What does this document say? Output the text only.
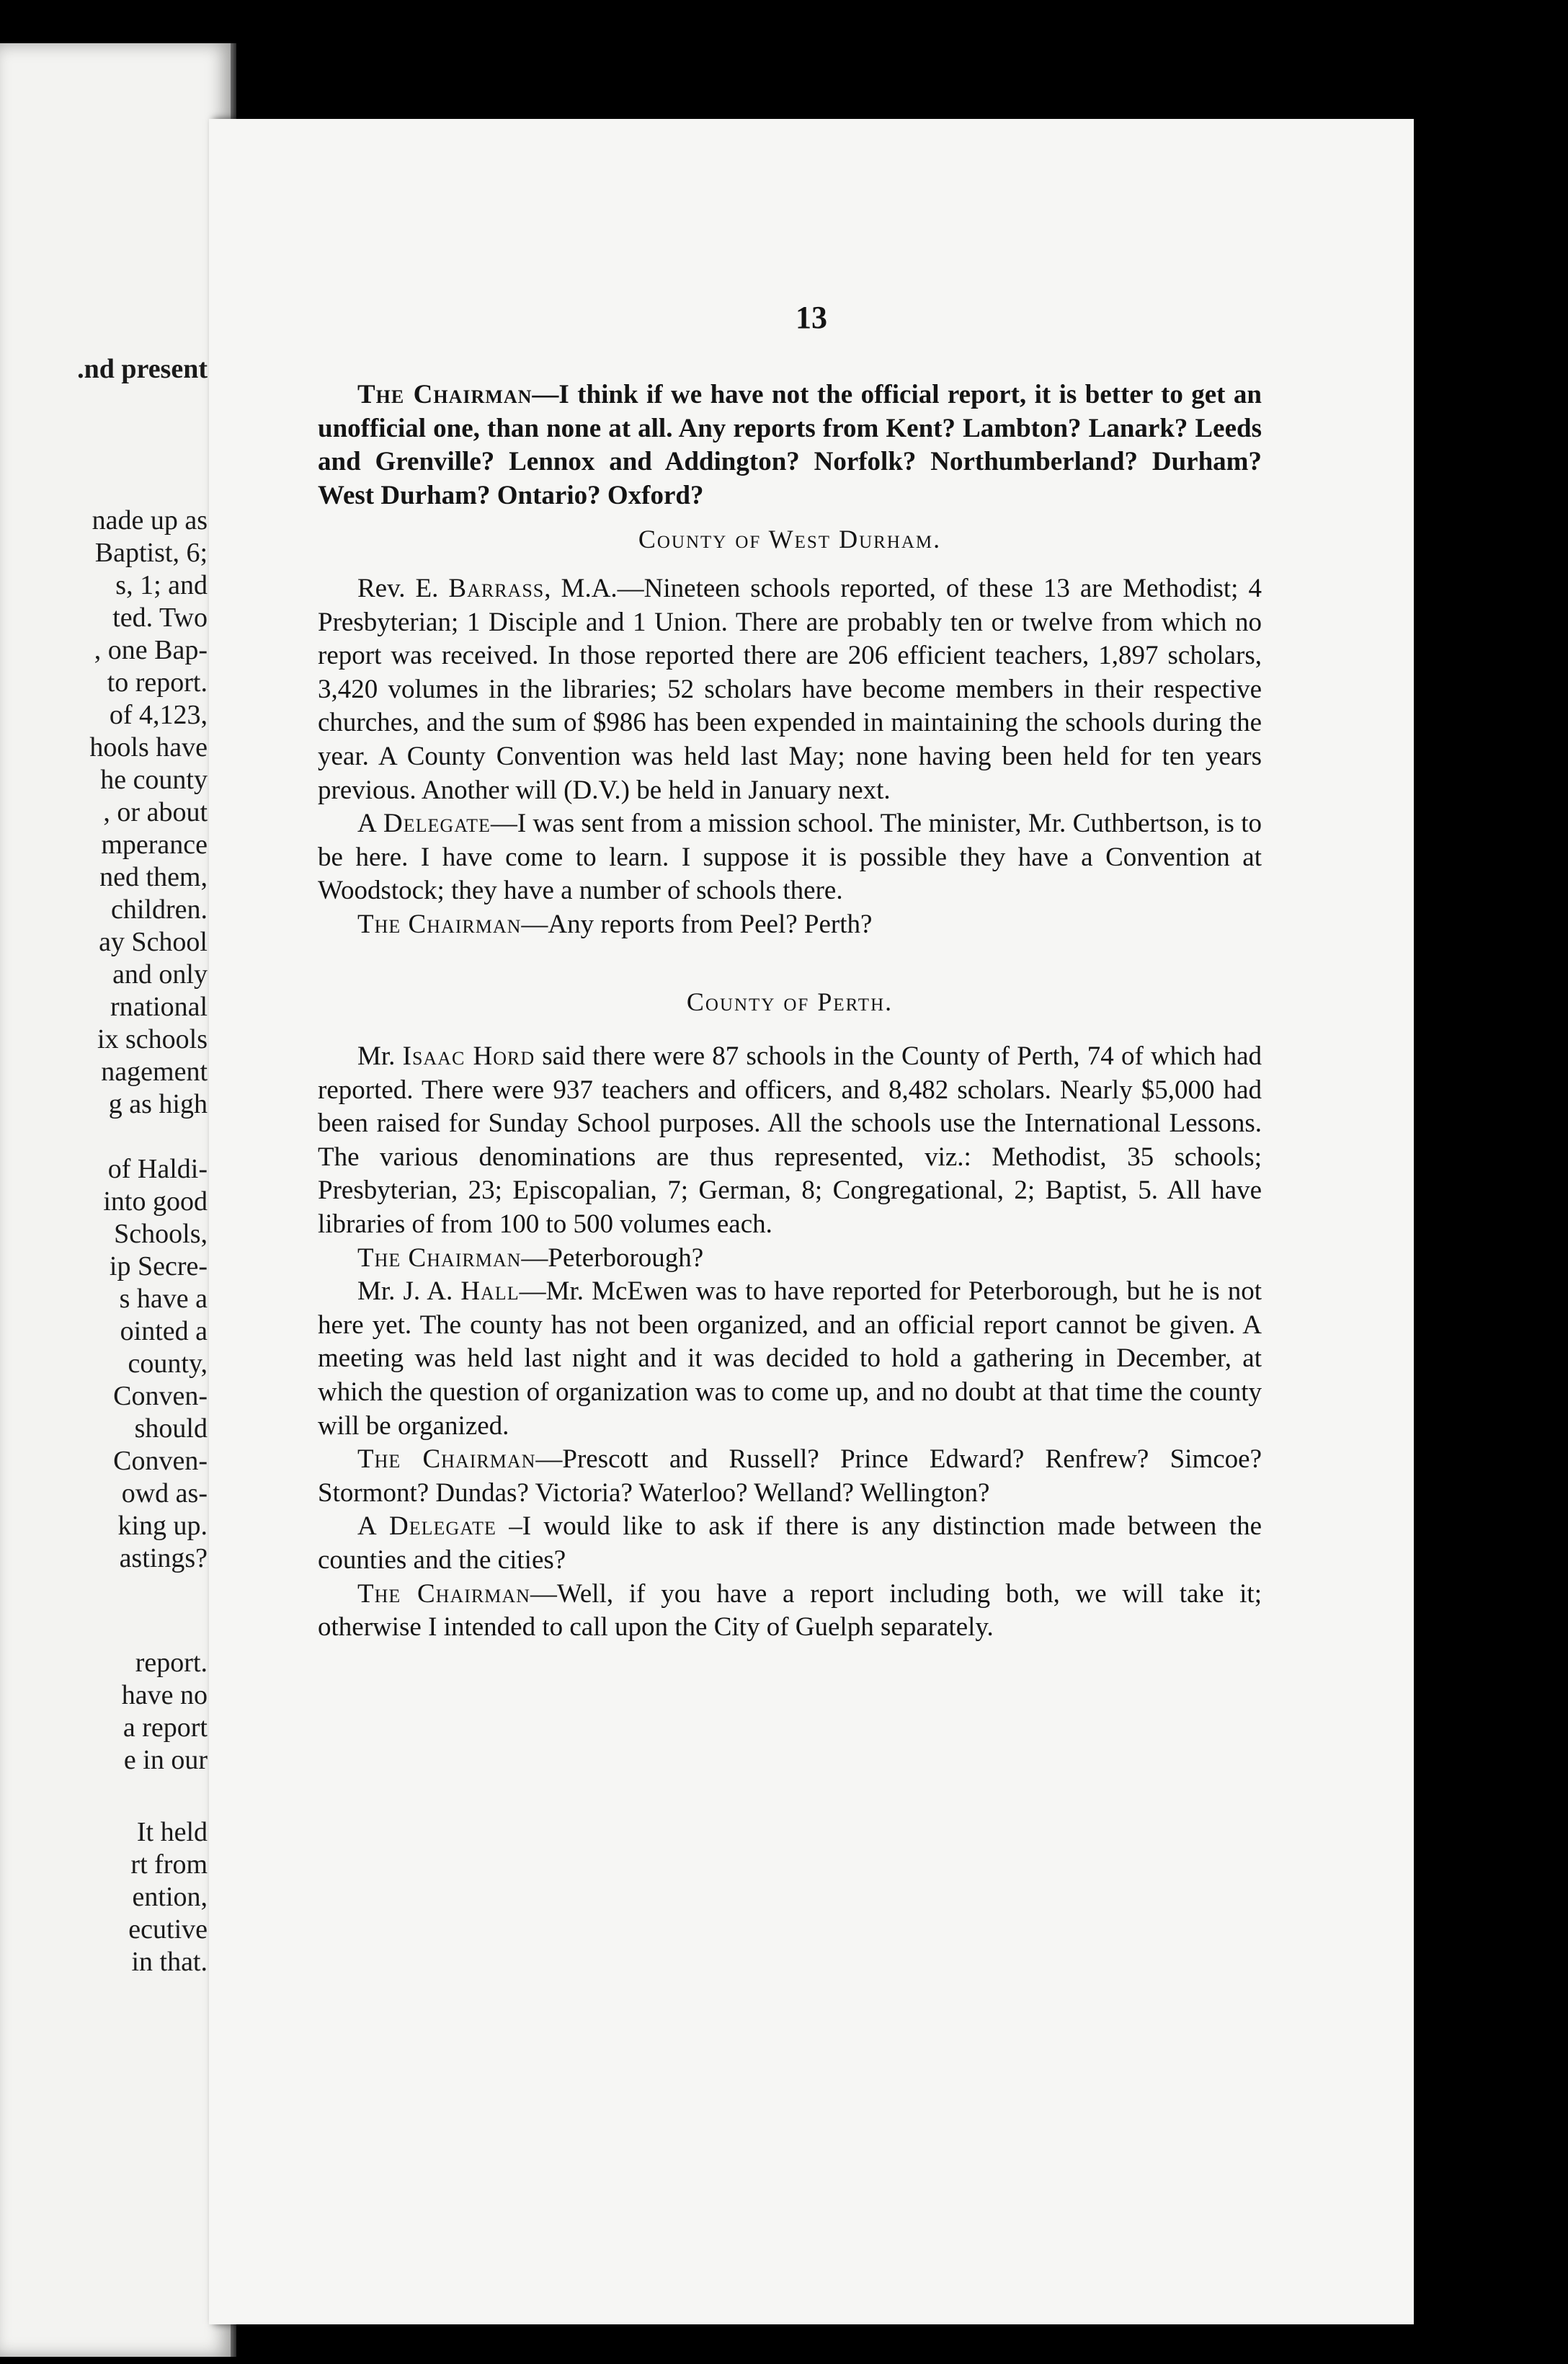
.nd present
nade up as
Baptist, 6;
s, 1; and
ted. Two
, one Bap-
to report.
of 4,123,
hools have
he county
, or about
mperance
ned them,
children.
ay School
and only
rnational
ix schools
nagement
g as high
of Haldi-
into good
Schools,
ip Secre-
s have a
ointed a
county,
Conven-
should
Conven-
owd as-
king up.
astings?
report.
have no
a report
e in our
It held
rt from
ention,
ecutive
in that.
13

The Chairman—I think if we have not the official report, it is better to get an unofficial one, than none at all. Any reports from Kent? Lambton? Lanark? Leeds and Grenville? Lennox and Addington? Norfolk? Northumberland? Durham? West Durham? Ontario? Oxford?

County of West Durham.

Rev. E. Barrass, M.A.—Nineteen schools reported, of these 13 are Methodist; 4 Presbyterian; 1 Disciple and 1 Union. There are probably ten or twelve from which no report was received. In those reported there are 206 efficient teachers, 1,897 scholars, 3,420 volumes in the libraries; 52 scholars have become members in their respective churches, and the sum of $986 has been expended in maintaining the schools during the year. A County Convention was held last May; none having been held for ten years previous. Another will (D.V.) be held in January next.

A Delegate—I was sent from a mission school. The minister, Mr. Cuthbertson, is to be here. I have come to learn. I suppose it is possible they have a Convention at Woodstock; they have a number of schools there.

The Chairman—Any reports from Peel? Perth?

County of Perth.

Mr. Isaac Hord said there were 87 schools in the County of Perth, 74 of which had reported. There were 937 teachers and officers, and 8,482 scholars. Nearly $5,000 had been raised for Sunday School purposes. All the schools use the International Lessons. The various denominations are thus represented, viz.: Methodist, 35 schools; Presbyterian, 23; Episcopalian, 7; German, 8; Congregational, 2; Baptist, 5. All have libraries of from 100 to 500 volumes each.

The Chairman—Peterborough?

Mr. J. A. Hall—Mr. McEwen was to have reported for Peterborough, but he is not here yet. The county has not been organized, and an official report cannot be given. A meeting was held last night and it was decided to hold a gathering in December, at which the question of organization was to come up, and no doubt at that time the county will be organized.

The Chairman—Prescott and Russell? Prince Edward? Renfrew? Simcoe? Stormont? Dundas? Victoria? Waterloo? Welland? Wellington?

A Delegate –I would like to ask if there is any distinction made between the counties and the cities?

The Chairman—Well, if you have a report including both, we will take it; otherwise I intended to call upon the City of Guelph separately.
